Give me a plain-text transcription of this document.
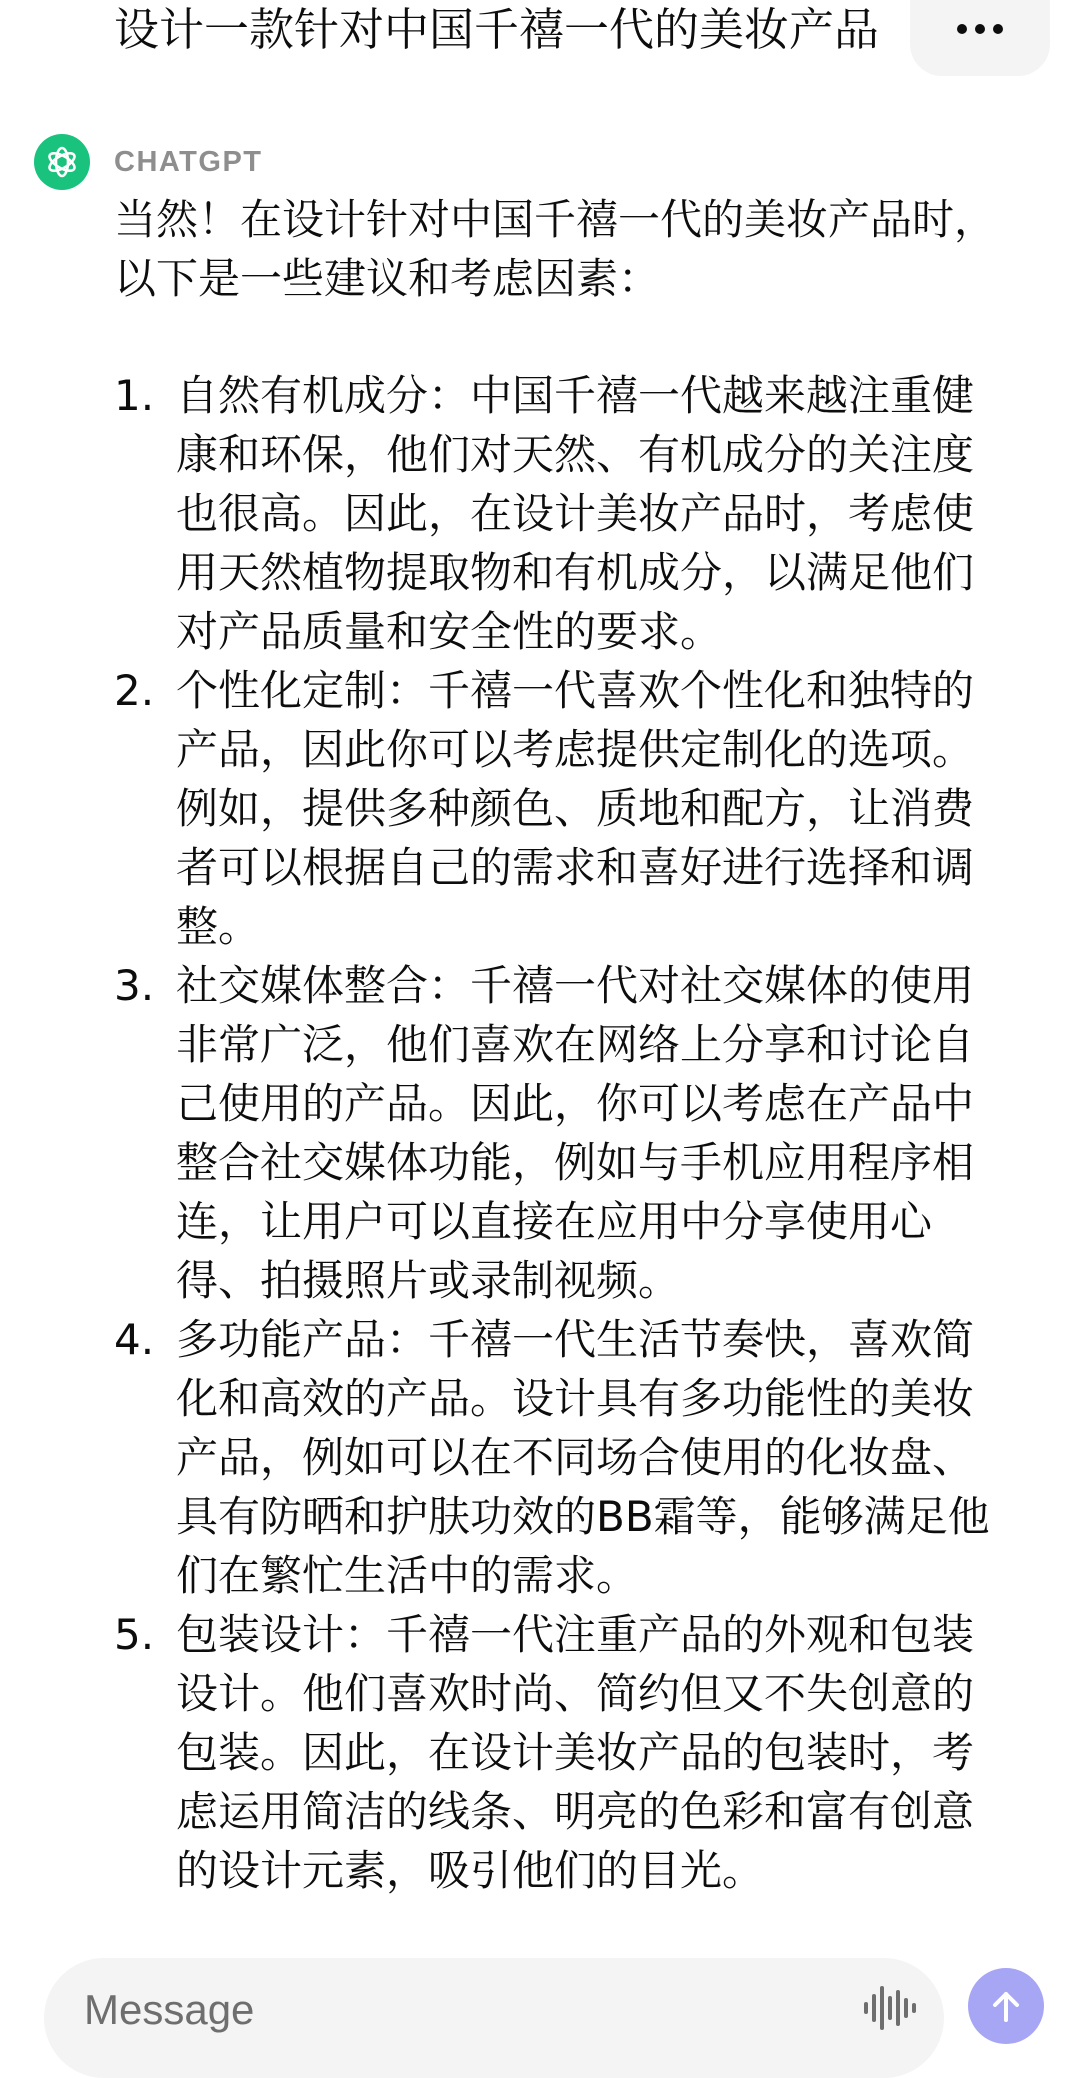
设计一款针对中国千禧一代的美妆产品
CHATGPT

当然！在设计针对中国千禧一代的美妆产品时，以下是一些建议和考虑因素：

1. 自然有机成分：中国千禧一代越来越注重健康和环保，他们对天然、有机成分的关注度也很高。因此，在设计美妆产品时，考虑使用天然植物提取物和有机成分，以满足他们对产品质量和安全性的要求。
2. 个性化定制：千禧一代喜欢个性化和独特的产品，因此你可以考虑提供定制化的选项。例如，提供多种颜色、质地和配方，让消费者可以根据自己的需求和喜好进行选择和调整。
3. 社交媒体整合：千禧一代对社交媒体的使用非常广泛，他们喜欢在网络上分享和讨论自己使用的产品。因此，你可以考虑在产品中整合社交媒体功能，例如与手机应用程序相连，让用户可以直接在应用中分享使用心得、拍摄照片或录制视频。
4. 多功能产品：千禧一代生活节奏快，喜欢简化和高效的产品。设计具有多功能性的美妆产品，例如可以在不同场合使用的化妆盘、具有防晒和护肤功效的BB霜等，能够满足他们在繁忙生活中的需求。
5. 包装设计：千禧一代注重产品的外观和包装设计。他们喜欢时尚、简约但又不失创意的包装。因此，在设计美妆产品的包装时，考虑运用简洁的线条、明亮的色彩和富有创意的设计元素，吸引他们的目光。
Message
